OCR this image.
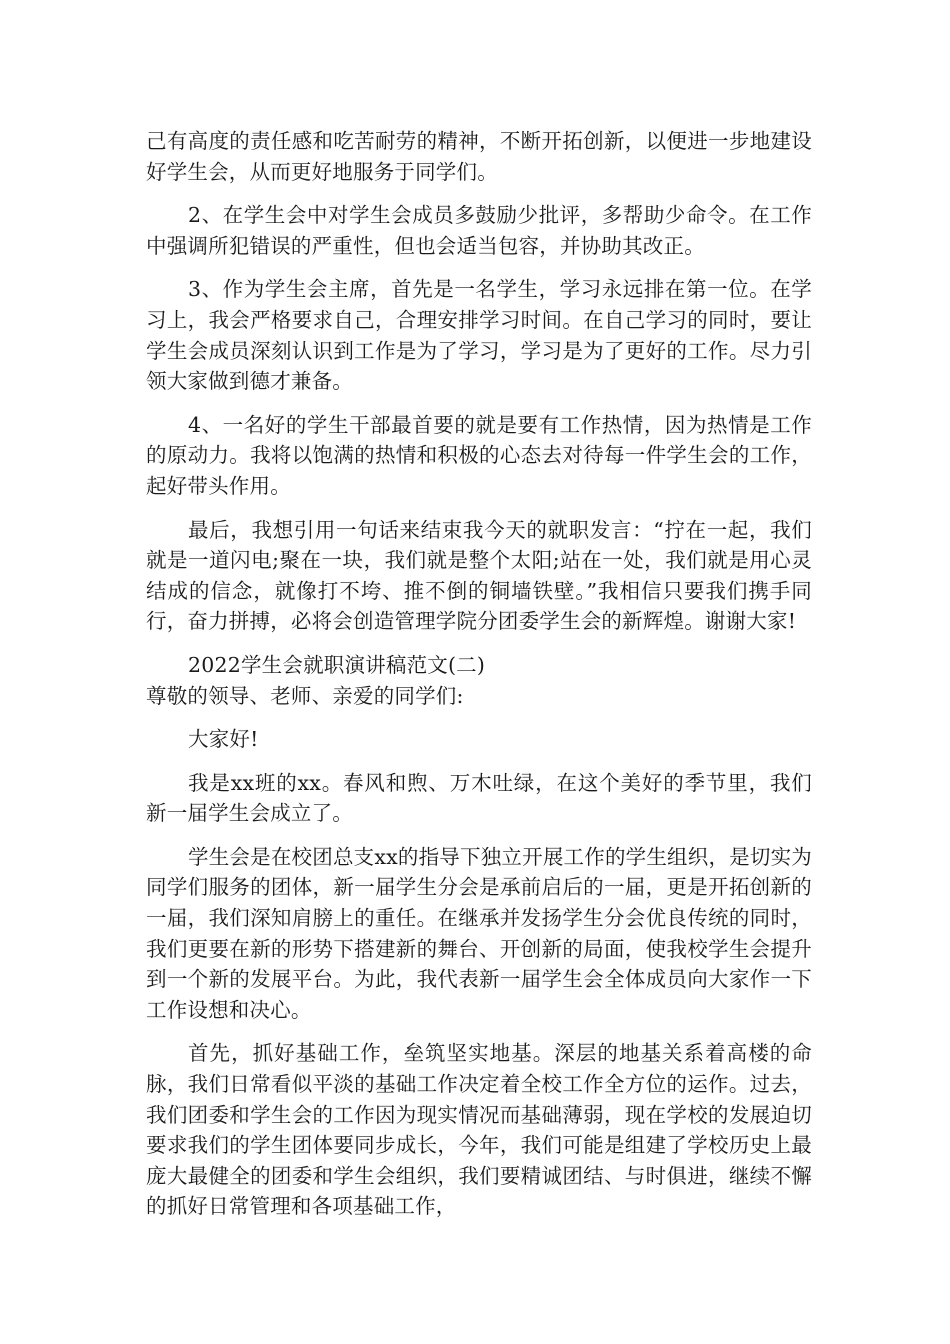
己有高度的责任感和吃苦耐劳的精神，不断开拓创新，以便进一步地建设好学生会，从而更好地服务于同学们。

2、在学生会中对学生会成员多鼓励少批评，多帮助少命令。在工作中强调所犯错误的严重性，但也会适当包容，并协助其改正。

3、作为学生会主席，首先是一名学生，学习永远排在第一位。在学习上，我会严格要求自己，合理安排学习时间。在自己学习的同时，要让学生会成员深刻认识到工作是为了学习，学习是为了更好的工作。尽力引领大家做到德才兼备。

4、一名好的学生干部最首要的就是要有工作热情，因为热情是工作的原动力。我将以饱满的热情和积极的心态去对待每一件学生会的工作，起好带头作用。

最后，我想引用一句话来结束我今天的就职发言：“拧在一起，我们就是一道闪电;聚在一块，我们就是整个太阳;站在一处，我们就是用心灵结成的信念，就像打不垮、推不倒的铜墙铁壁。”我相信只要我们携手同行，奋力拼搏，必将会创造管理学院分团委学生会的新辉煌。谢谢大家!

2022学生会就职演讲稿范文(二)

尊敬的领导、老师、亲爱的同学们:

大家好!

我是xx班的xx。春风和煦、万木吐绿，在这个美好的季节里，我们新一届学生会成立了。

学生会是在校团总支xx的指导下独立开展工作的学生组织，是切实为同学们服务的团体，新一届学生分会是承前启后的一届，更是开拓创新的一届，我们深知肩膀上的重任。在继承并发扬学生分会优良传统的同时，我们更要在新的形势下搭建新的舞台、开创新的局面，使我校学生会提升到一个新的发展平台。为此，我代表新一届学生会全体成员向大家作一下工作设想和决心。

首先，抓好基础工作，垒筑坚实地基。深层的地基关系着高楼的命脉，我们日常看似平淡的基础工作决定着全校工作全方位的运作。过去，我们团委和学生会的工作因为现实情况而基础薄弱，现在学校的发展迫切要求我们的学生团体要同步成长，今年，我们可能是组建了学校历史上最庞大最健全的团委和学生会组织，我们要精诚团结、与时俱进，继续不懈的抓好日常管理和各项基础工作，
